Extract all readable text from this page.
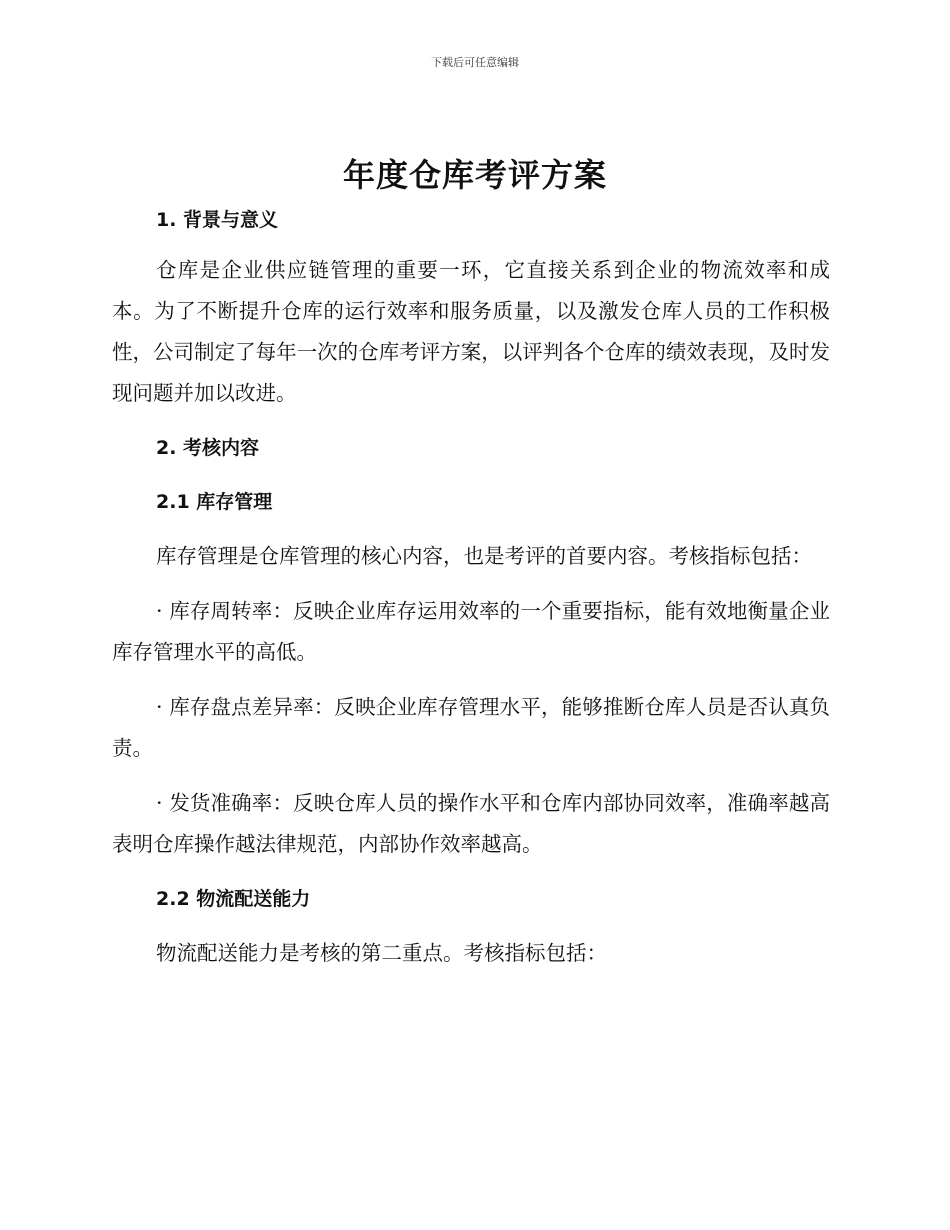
下载后可任意编辑
年度仓库考评方案
1. 背景与意义

仓库是企业供应链管理的重要一环，它直接关系到企业的物流效率和成本。为了不断提升仓库的运行效率和服务质量，以及激发仓库人员的工作积极性，公司制定了每年一次的仓库考评方案，以评判各个仓库的绩效表现，及时发现问题并加以改进。

2. 考核内容
2.1 库存管理

库存管理是仓库管理的核心内容，也是考评的首要内容。考核指标包括：

· 库存周转率：反映企业库存运用效率的一个重要指标，能有效地衡量企业库存管理水平的高低。

· 库存盘点差异率：反映企业库存管理水平，能够推断仓库人员是否认真负责。

· 发货准确率：反映仓库人员的操作水平和仓库内部协同效率，准确率越高表明仓库操作越法律规范，内部协作效率越高。

2.2 物流配送能力

物流配送能力是考核的第二重点。考核指标包括：
